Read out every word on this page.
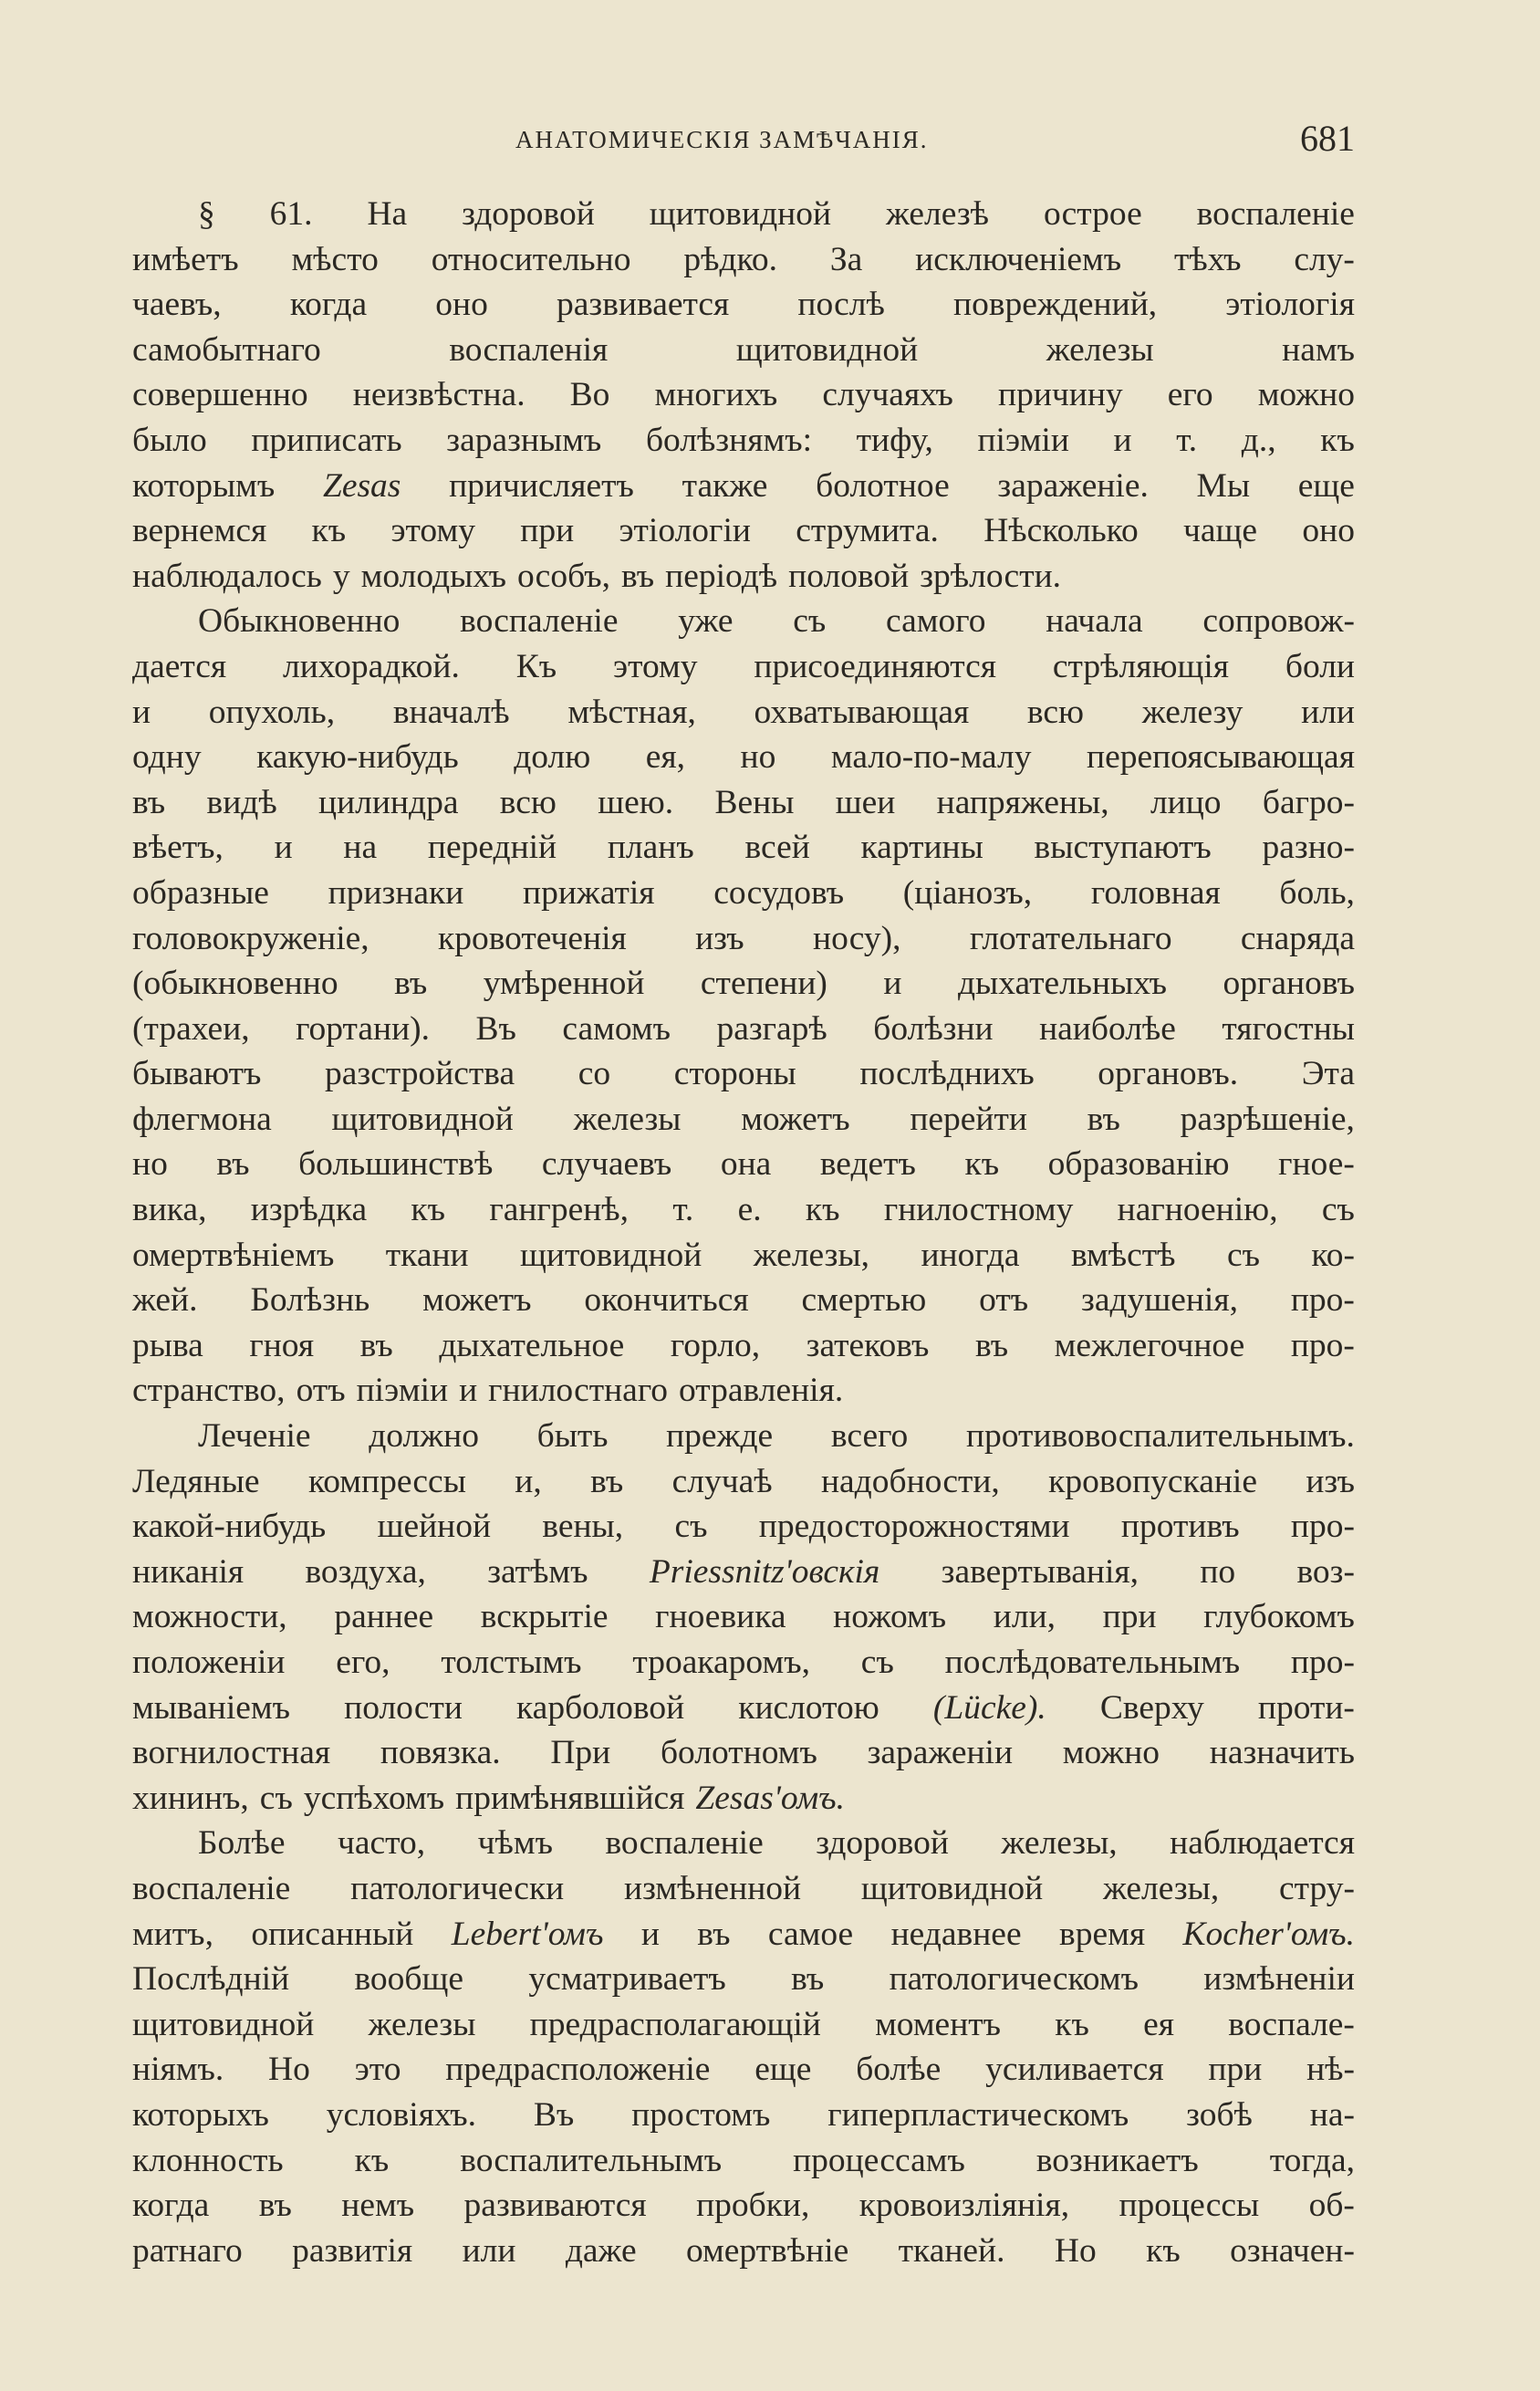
АНАТОМИЧЕСКІЯ ЗАМѢЧАНІЯ.	681
§ 61. На здоровой щитовидной железѣ острое воспаленіе
имѣетъ мѣсто относительно рѣдко. За исключеніемъ тѣхъ слу-
чаевъ, когда оно развивается послѣ повреждений, этіологія
самобытнаго	воспаленія	щитовидной	железы	намъ
совершенно неизвѣстна. Во многихъ случаяхъ причину его можно
было приписать заразнымъ болѣзнямъ: тифу, піэміи и т. д., къ
которымъ Zesas причисляетъ также болотное зараженіе. Мы еще
вернемся къ этому при этіологіи струмита. Нѣсколько чаще оно
наблюдалось у молодыхъ особъ, въ періодѣ половой зрѣлости.
Обыкновенно воспаленіе уже съ самого начала сопровож-
дается лихорадкой. Къ этому присоединяются стрѣляющія боли
и опухоль, вначалѣ мѣстная, охватывающая всю железу или
одну какую-нибудь долю ея, но мало-по-малу перепоясывающая
въ видѣ цилиндра всю шею. Вены шеи напряжены, лицо багро-
вѣетъ, и на передній планъ всей картины выступаютъ разно-
образные признаки прижатія сосудовъ (ціанозъ, головная боль,
головокруженіе, кровотеченія изъ носу), глотательнаго снаряда
(обыкновенно въ умѣренной степени) и дыхательныхъ органовъ
(трахеи, гортани). Въ самомъ разгарѣ болѣзни наиболѣе тягостны
бываютъ разстройства со стороны послѣднихъ органовъ. Эта
флегмона щитовидной железы можетъ перейти въ разрѣшеніе,
но въ большинствѣ случаевъ она ведетъ къ образованію гное-
вика, изрѣдка къ гангренѣ, т. е. къ гнилостному нагноенію, съ
омертвѣніемъ ткани щитовидной железы, иногда вмѣстѣ съ ко-
жей. Болѣзнь можетъ окончиться смертью отъ задушенія, про-
рыва гноя въ дыхательное горло, затековъ въ межлегочное про-
странство, отъ піэміи и гнилостнаго отравленія.
Леченіе должно быть прежде всего противовоспалительнымъ.
Ледяные компрессы и, въ случаѣ надобности, кровопусканіе изъ
какой-нибудь шейной вены, съ предосторожностями противъ про-
никанія воздуха, затѣмъ Priessnitz'овскія завертыванія, по воз-
можности, раннее вскрытіе гноевика ножомъ или, при глубокомъ
положеніи его, толстымъ троакаромъ, съ послѣдовательнымъ про-
мываніемъ полости карболовой кислотою (Lücke). Сверху проти-
вогнилостная повязка. При болотномъ зараженіи можно назначить
хининъ, съ успѣхомъ примѣнявшійся Zesas'омъ.
Болѣе часто, чѣмъ воспаленіе здоровой железы, наблюдается
воспаленіе патологически измѣненной щитовидной железы, стру-
митъ, описанный Lebert'омъ и въ самое недавнее время Kocher'омъ.
Послѣдній вообще усматриваетъ въ патологическомъ измѣненіи
щитовидной железы предрасполагающій моментъ къ ея воспале-
ніямъ. Но это предрасположеніе еще болѣе усиливается при нѣ-
которыхъ условіяхъ. Въ простомъ гиперпластическомъ зобѣ на-
клонность къ воспалительнымъ процессамъ возникаетъ тогда,
когда въ немъ развиваются пробки, кровоизліянія, процессы об-
ратнаго развитія или даже омертвѣніе тканей. Но къ означен-
